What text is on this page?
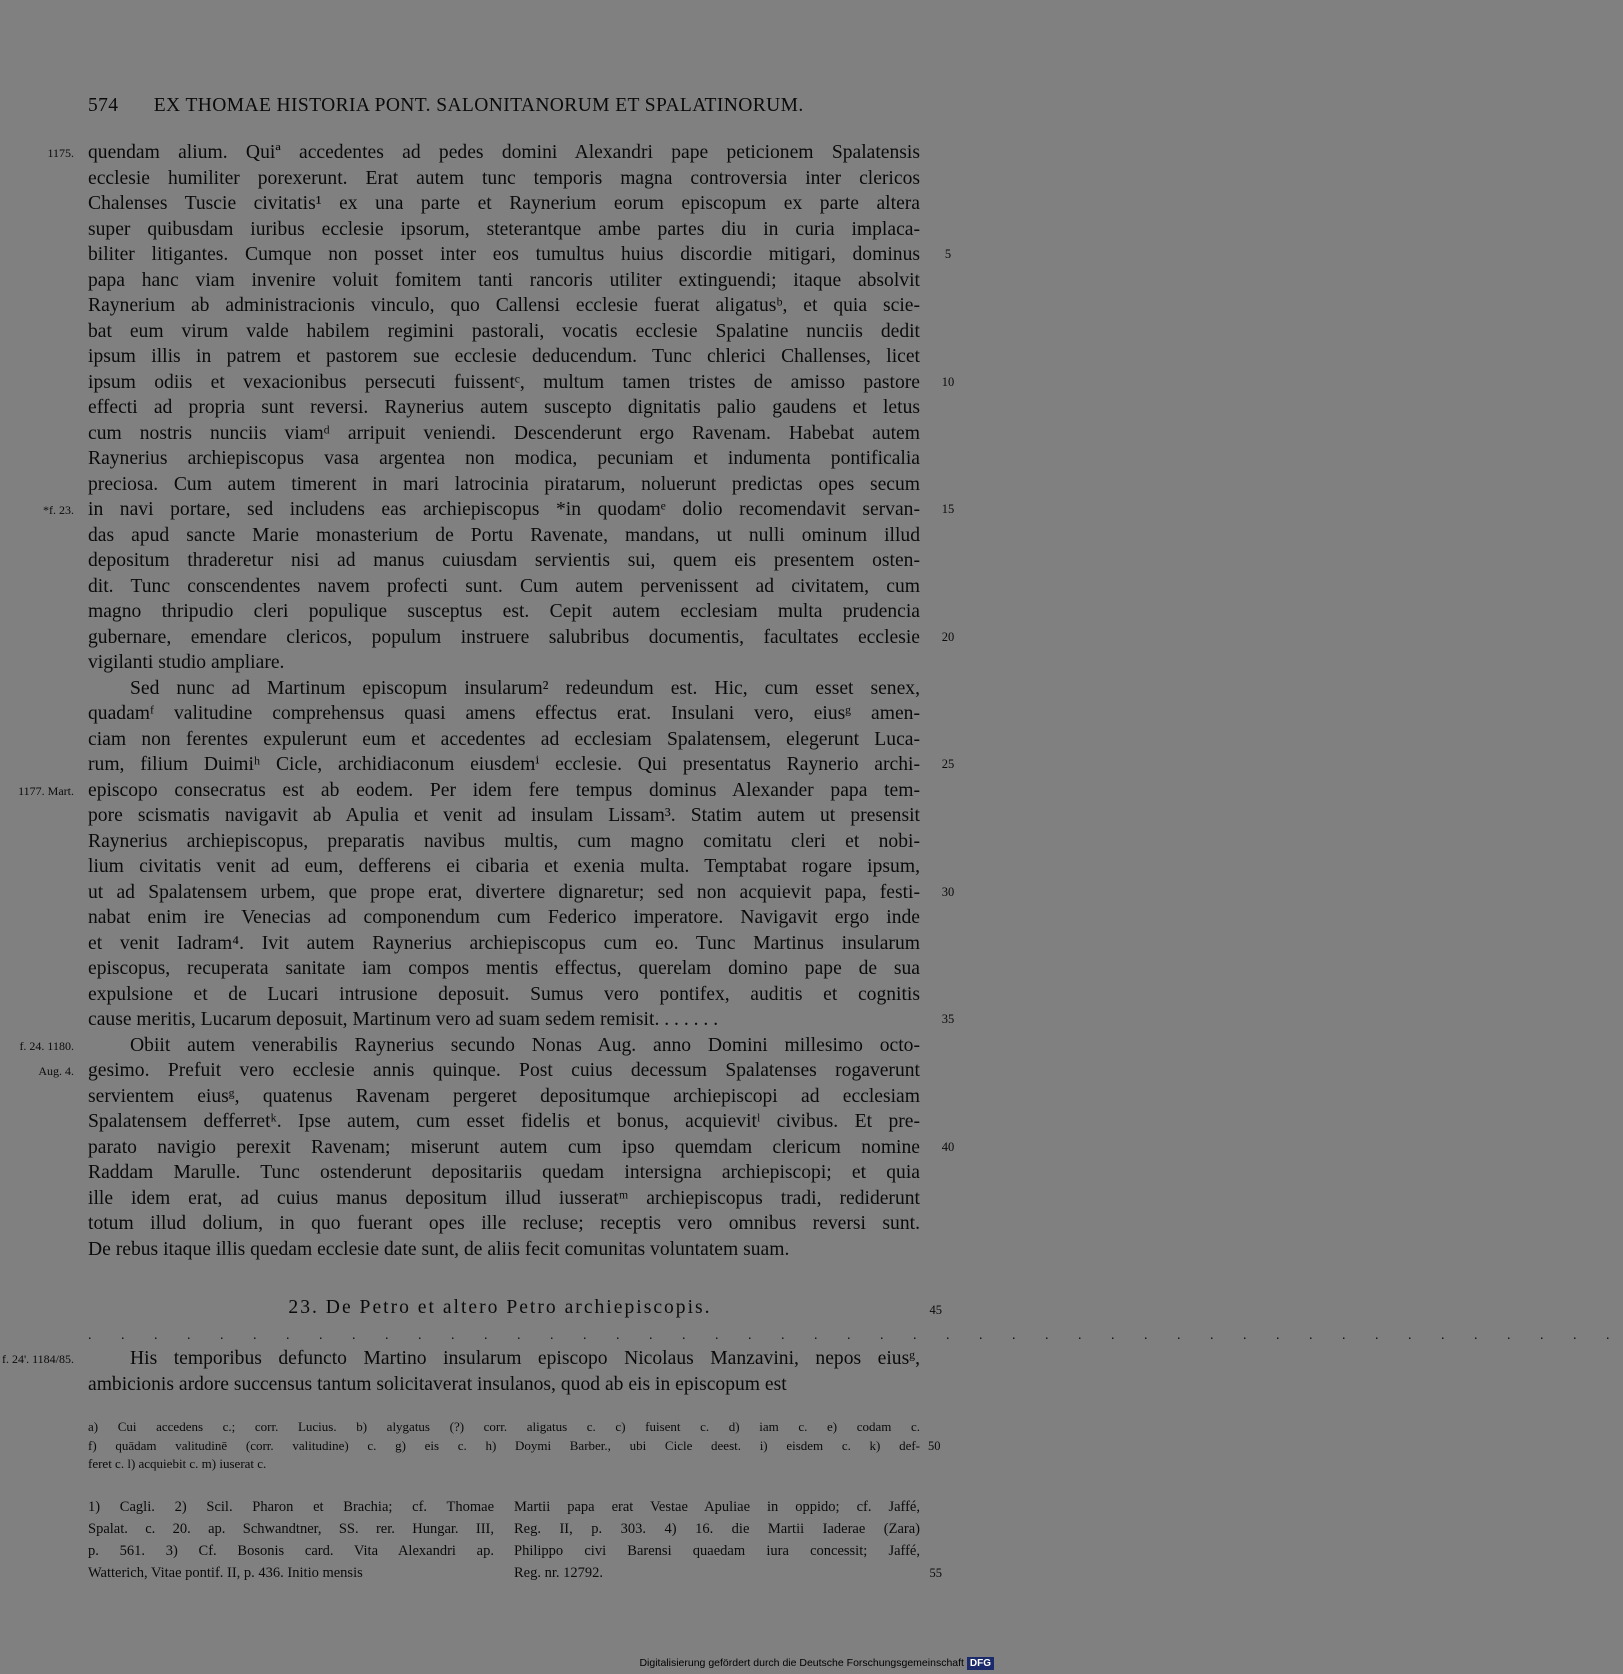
574 EX THOMAE HISTORIA PONT. SALONITANORUM ET SPALATINORUM.
quendam alium. Quiª accedentes ad pedes domini Alexandri pape peticionem Spalatensis
1175.
ecclesie humiliter porexerunt. Erat autem tunc temporis magna controversia inter clericos
Chalenses Tuscie civitatis¹ ex una parte et Raynerium eorum episcopum ex parte altera
super quibusdam iuribus ecclesie ipsorum, steterantque ambe partes diu in curia implaca-
biliter litigantes. Cumque non posset inter eos tumultus huius discordie mitigari, dominus	5
papa hanc viam invenire voluit fomitem tanti rancoris utiliter extinguendi; itaque absolvit
Raynerium ab administracionis vinculo, quo Callensi ecclesie fuerat aligatusᵇ, et quia scie-
bat eum virum valde habilem regimini pastorali, vocatis ecclesie Spalatine nunciis dedit
ipsum illis in patrem et pastorem sue ecclesie deducendum. Tunc chlerici Challenses, licet
ipsum odiis et vexacionibus persecuti fuissentᶜ, multum tamen tristes de amisso pastore	10
effecti ad propria sunt reversi. Raynerius autem suscepto dignitatis palio gaudens et letus
cum nostris nunciis viamᵈ arripuit veniendi. Descenderunt ergo Ravenam. Habebat autem
Raynerius archiepiscopus vasa argentea non modica, pecuniam et indumenta pontificalia
preciosa. Cum autem timerent in mari latrocinia piratarum, noluerunt predictas opes secum
in navi portare, sed includens eas archiepiscopus *in quodamᵉ dolio recomendavit servan-
*f. 23.	15
das apud sancte Marie monasterium de Portu Ravenate, mandans, ut nulli ominum illud
depositum thraderetur nisi ad manus cuiusdam servientis sui, quem eis presentem osten-
dit. Tunc conscendentes navem profecti sunt. Cum autem pervenissent ad civitatem, cum
magno thripudio cleri populique susceptus est. Cepit autem ecclesiam multa prudencia
gubernare, emendare clericos, populum instruere salubribus documentis, facultates ecclesie	20
vigilanti studio ampliare.
Sed nunc ad Martinum episcopum insularum² redeundum est. Hic, cum esset senex,
quadamᶠ valitudine comprehensus quasi amens effectus erat. Insulani vero, eiusᵍ amen-
ciam non ferentes expulerunt eum et accedentes ad ecclesiam Spalatensem, elegerunt Luca-
rum, filium Duimiʰ Cicle, archidiaconum eiusdemⁱ ecclesie. Qui presentatus Raynerio archi-	25
episcopo consecratus est ab eodem. Per idem fere tempus dominus Alexander papa tem-
1177. Mart.
pore scismatis navigavit ab Apulia et venit ad insulam Lissam³. Statim autem ut presensit
Raynerius archiepiscopus, preparatis navibus multis, cum magno comitatu cleri et nobi-
lium civitatis venit ad eum, defferens ei cibaria et exenia multa. Temptabat rogare ipsum,
ut ad Spalatensem urbem, que prope erat, divertere dignaretur; sed non acquievit papa, festi-	30
nabat enim ire Venecias ad componendum cum Federico imperatore. Navigavit ergo inde
et venit Iadram⁴. Ivit autem Raynerius archiepiscopus cum eo. Tunc Martinus insularum
episcopus, recuperata sanitate iam compos mentis effectus, querelam domino pape de sua
expulsione et de Lucari intrusione deposuit. Sumus vero pontifex, auditis et cognitis
cause meritis, Lucarum deposuit, Martinum vero ad suam sedem remisit. . . . . . .	35
Obiit autem venerabilis Raynerius secundo Nonas Aug. anno Domini millesimo octo-
f. 24. 1180.
gesimo. Prefuit vero ecclesie annis quinque. Post cuius decessum Spalatenses rogaverunt
Aug. 4.
servientem eiusᵍ, quatenus Ravenam pergeret depositumque archiepiscopi ad ecclesiam
Spalatensem defferretᵏ. Ipse autem, cum esset fidelis et bonus, acquievitˡ civibus. Et pre-
parato navigio perexit Ravenam; miserunt autem cum ipso quemdam clericum nomine	40
Raddam Marulle. Tunc ostenderunt depositariis quedam intersigna archiepiscopi; et quia
ille idem erat, ad cuius manus depositum illud iusseratᵐ archiepiscopus tradi, rediderunt
totum illud dolium, in quo fuerant opes ille recluse; receptis vero omnibus reversi sunt.
De rebus itaque illis quedam ecclesie date sunt, de aliis fecit comunitas voluntatem suam.
23. De Petro et altero Petro archiepiscopis.	45
. . . . . . . . . . . . . . . . . . . . . . . . . . . . . . . . . . . . . . . . . . . . . . .
His temporibus defuncto Martino insularum episcopo Nicolaus Manzavini, nepos eiusᵍ,
f. 24'. 1184/85.
ambicionis ardore succensus tantum solicitaverat insulanos, quod ab eis in episcopum est
a) Cui accedens c.; corr. Lucius. b) alygatus (?) corr. aligatus c. c) fuisent c. d) iam c. e) codam c.
f) quādam valitudinē (corr. valitudine) c. g) eis c. h) Doymi Barber., ubi Cicle deest. i) eisdem c. k) def- 50
feret c. l) acquiebit c. m) iuserat c.
1) Cagli. 2) Scil. Pharon et Brachia; cf. Thomae
Spalat. c. 20. ap. Schwandtner, SS. rer. Hungar. III,
p. 561. 3) Cf. Bosonis card. Vita Alexandri ap.
Watterich, Vitae pontif. II, p. 436. Initio mensis
Martii papa erat Vestae Apuliae in oppido; cf. Jaffé,
Reg. II, p. 303. 4) 16. die Martii Iaderae (Zara)
Philippo civi Barensi quaedam iura concessit; Jaffé,
Reg. nr. 12792.	55
Digitalisierung gefördert durch die Deutsche Forschungsgemeinschaft DFG
